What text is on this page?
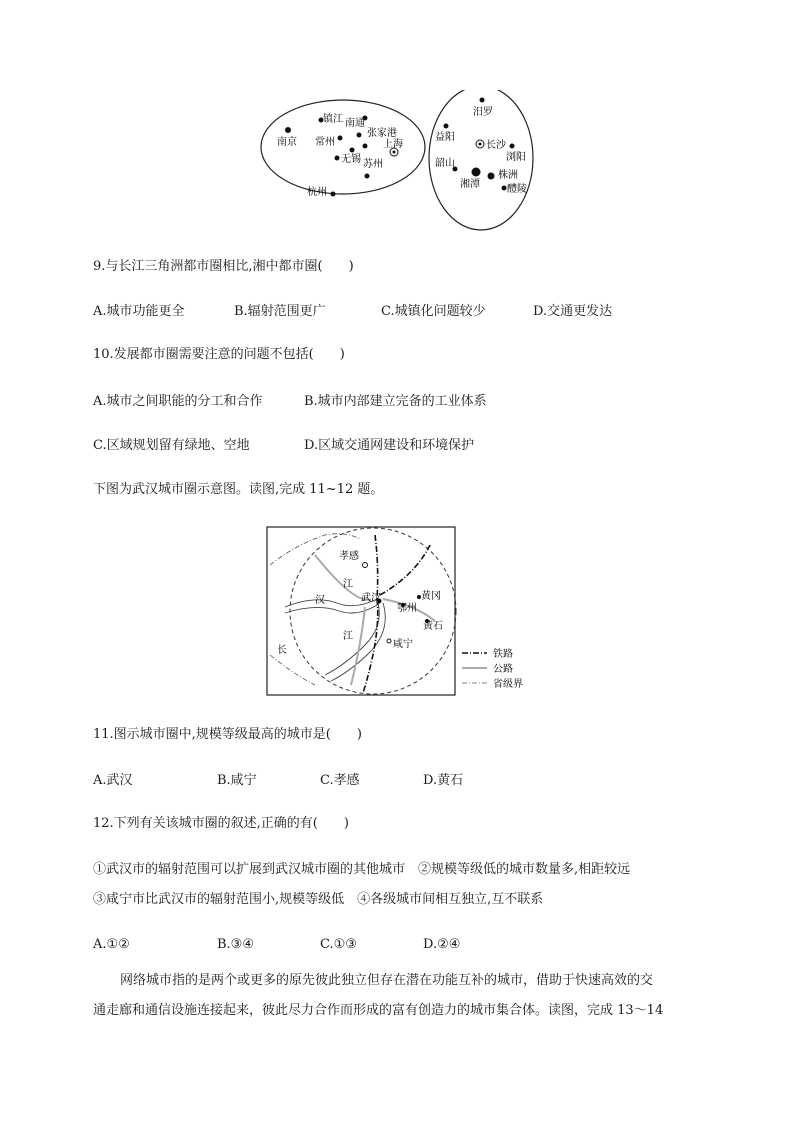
镇江 南通
南京 常州
张家港
上海
无锡 苏州
杭州
汨罗
益阳
长沙
浏阳
韶山
株洲
湘潭	醴陵
9.与长江三角洲都市圈相比,湘中都市圈(　　)
A.城市功能更全	B.辐射范围更广	C.城镇化问题较少	D.交通更发达
10.发展都市圈需要注意的问题不包括(　　)
A.城市之间职能的分工和合作	B.城市内部建立完备的工业体系
C.区域规划留有绿地、空地	D.区域交通网建设和环境保护
下图为武汉城市圈示意图。读图,完成 11~12 题。
孝感
江
汉	武汉
鄂州
黄冈
黄石
江
咸宁
长	铁路
公路
省级界
11.图示城市圈中,规模等级最高的城市是(　　)
A.武汉	B.咸宁	C.孝感	D.黄石
12.下列有关该城市圈的叙述,正确的有(　　)
①武汉市的辐射范围可以扩展到武汉城市圈的其他城市　②规模等级低的城市数量多,相距较远
③咸宁市比武汉市的辐射范围小,规模等级低　④各级城市间相互独立,互不联系
A.①②	B.③④	C.①③	D.②④
网络城市指的是两个或更多的原先彼此独立但存在潜在功能互补的城市，借助于快速高效的交
通走廊和通信设施连接起来，彼此尽力合作而形成的富有创造力的城市集合体。读图，完成 13～14
